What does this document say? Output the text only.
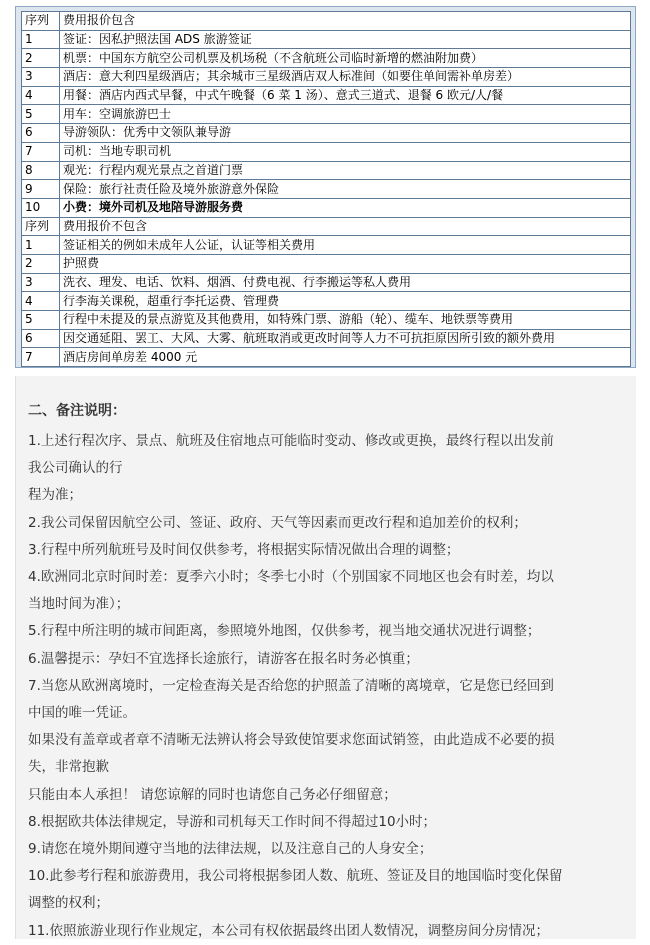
序列	费用报价包含
1	签证：因私护照法国 ADS 旅游签证
2	机票：中国东方航空公司机票及机场税（不含航班公司临时新增的燃油附加费）
3	酒店：意大利四星级酒店；其余城市三星级酒店双人标准间（如要住单间需补单房差）
4	用餐：酒店内西式早餐，中式午晚餐（6 菜 1 汤）、意式三道式、退餐 6 欧元/人/餐
5	用车：空调旅游巴士
6	导游领队：优秀中文领队兼导游
7	司机：当地专职司机
8	观光：行程内观光景点之首道门票
9	保险：旅行社责任险及境外旅游意外保险
10	小费：境外司机及地陪导游服务费
序列	费用报价不包含
1	签证相关的例如未成年人公证，认证等相关费用
2	护照费
3	洗衣、理发、电话、饮料、烟酒、付费电视、行李搬运等私人费用
4	行李海关课税，超重行李托运费、管理费
5	行程中未提及的景点游览及其他费用，如特殊门票、游船（轮）、缆车、地铁票等费用
6	因交通延阻、罢工、大风、大雾、航班取消或更改时间等人力不可抗拒原因所引致的额外费用
7	酒店房间单房差 4000 元
二、备注说明：
1.上述行程次序、景点、航班及住宿地点可能临时变动、修改或更换，最终行程以出发前
我公司确认的行
程为准；
2.我公司保留因航空公司、签证、政府、天气等因素而更改行程和追加差价的权利；
3.行程中所列航班号及时间仅供参考，将根据实际情况做出合理的调整；
4.欧洲同北京时间时差：夏季六小时；冬季七小时（个别国家不同地区也会有时差，均以
当地时间为准）；
5.行程中所注明的城市间距离，参照境外地图，仅供参考，视当地交通状况进行调整；
6.温馨提示：孕妇不宜选择长途旅行，请游客在报名时务必慎重；
7.当您从欧洲离境时，一定检查海关是否给您的护照盖了清晰的离境章，它是您已经回到
中国的唯一凭证。
如果没有盖章或者章不清晰无法辨认将会导致使馆要求您面试销签，由此造成不必要的损
失，非常抱歉
只能由本人承担！ 请您谅解的同时也请您自己务必仔细留意；
8.根据欧共体法律规定，导游和司机每天工作时间不得超过10小时；
9.请您在境外期间遵守当地的法律法规，以及注意自己的人身安全；
10.此参考行程和旅游费用，我公司将根据参团人数、航班、签证及目的地国临时变化保留
调整的权利；
11.依照旅游业现行作业规定，本公司有权依据最终出团人数情况，调整房间分房情况；
